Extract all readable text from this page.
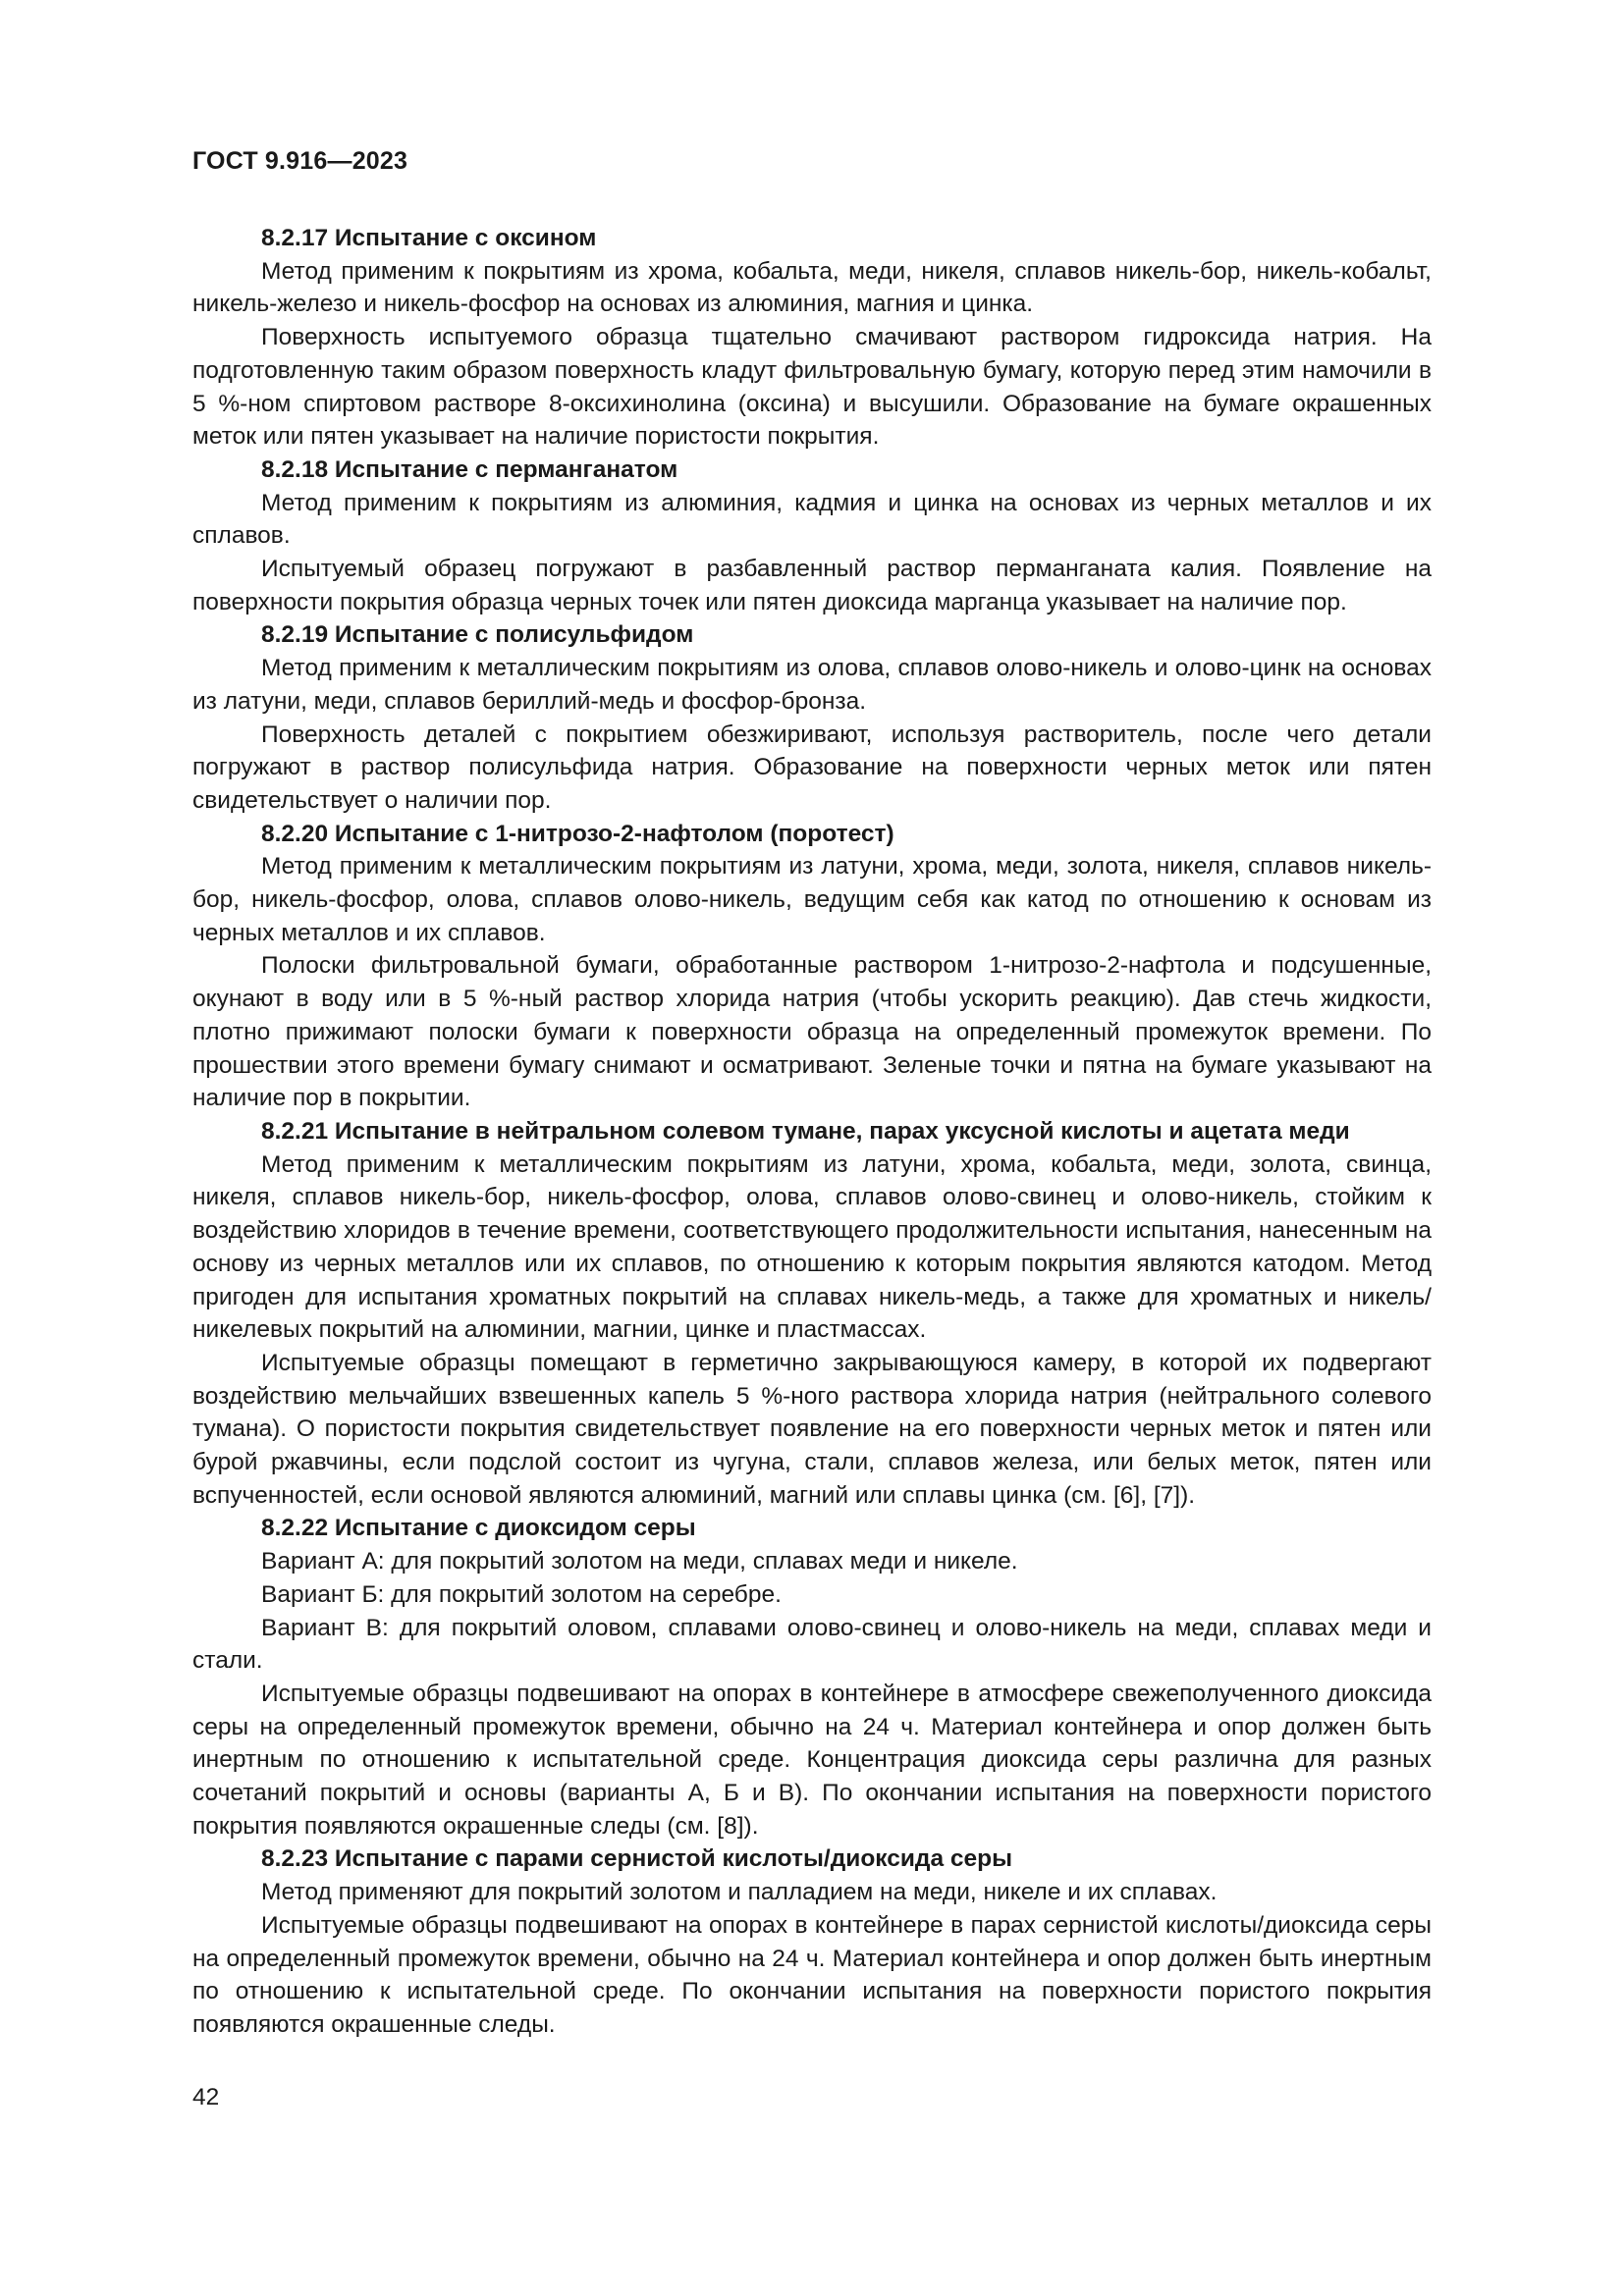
ГОСТ 9.916—2023

8.2.17 Испытание с оксином

Метод применим к покрытиям из хрома, кобальта, меди, никеля, сплавов никель-бор, никель-кобальт, никель-железо и никель-фосфор на основах из алюминия, магния и цинка.

Поверхность испытуемого образца тщательно смачивают раствором гидроксида натрия. На подготовленную таким образом поверхность кладут фильтровальную бумагу, которую перед этим намочили в 5 %-ном спиртовом растворе 8-оксихинолина (оксина) и высушили. Образование на бумаге окрашенных меток или пятен указывает на наличие пористости покрытия.

8.2.18 Испытание с перманганатом

Метод применим к покрытиям из алюминия, кадмия и цинка на основах из черных металлов и их сплавов.

Испытуемый образец погружают в разбавленный раствор перманганата калия. Появление на поверхности покрытия образца черных точек или пятен диоксида марганца указывает на наличие пор.

8.2.19 Испытание с полисульфидом

Метод применим к металлическим покрытиям из олова, сплавов олово-никель и олово-цинк на основах из латуни, меди, сплавов бериллий-медь и фосфор-бронза.

Поверхность деталей с покрытием обезжиривают, используя растворитель, после чего детали погружают в раствор полисульфида натрия. Образование на поверхности черных меток или пятен свидетельствует о наличии пор.

8.2.20 Испытание с 1-нитрозо-2-нафтолом (поротест)

Метод применим к металлическим покрытиям из латуни, хрома, меди, золота, никеля, сплавов никель-бор, никель-фосфор, олова, сплавов олово-никель, ведущим себя как катод по отношению к основам из черных металлов и их сплавов.

Полоски фильтровальной бумаги, обработанные раствором 1-нитрозо-2-нафтола и подсушенные, окунают в воду или в 5 %-ный раствор хлорида натрия (чтобы ускорить реакцию). Дав стечь жидкости, плотно прижимают полоски бумаги к поверхности образца на определенный промежуток времени. По прошествии этого времени бумагу снимают и осматривают. Зеленые точки и пятна на бумаге указывают на наличие пор в покрытии.

8.2.21 Испытание в нейтральном солевом тумане, парах уксусной кислоты и ацетата меди

Метод применим к металлическим покрытиям из латуни, хрома, кобальта, меди, золота, свинца, никеля, сплавов никель-бор, никель-фосфор, олова, сплавов олово-свинец и олово-никель, стойким к воздействию хлоридов в течение времени, соответствующего продолжительности испытания, нанесенным на основу из черных металлов или их сплавов, по отношению к которым покрытия являются катодом. Метод пригоден для испытания хроматных покрытий на сплавах никель-медь, а также для хроматных и никель/никелевых покрытий на алюминии, магнии, цинке и пластмассах.

Испытуемые образцы помещают в герметично закрывающуюся камеру, в которой их подвергают воздействию мельчайших взвешенных капель 5 %-ного раствора хлорида натрия (нейтрального солевого тумана). О пористости покрытия свидетельствует появление на его поверхности черных меток и пятен или бурой ржавчины, если подслой состоит из чугуна, стали, сплавов железа, или белых меток, пятен или вспученностей, если основой являются алюминий, магний или сплавы цинка (см. [6], [7]).

8.2.22 Испытание с диоксидом серы

Вариант А: для покрытий золотом на меди, сплавах меди и никеле.

Вариант Б: для покрытий золотом на серебре.

Вариант В: для покрытий оловом, сплавами олово-свинец и олово-никель на меди, сплавах меди и стали.

Испытуемые образцы подвешивают на опорах в контейнере в атмосфере свежеполученного диоксида серы на определенный промежуток времени, обычно на 24 ч. Материал контейнера и опор должен быть инертным по отношению к испытательной среде. Концентрация диоксида серы различна для разных сочетаний покрытий и основы (варианты А, Б и В). По окончании испытания на поверхности пористого покрытия появляются окрашенные следы (см. [8]).

8.2.23 Испытание с парами сернистой кислоты/диоксида серы

Метод применяют для покрытий золотом и палладием на меди, никеле и их сплавах.

Испытуемые образцы подвешивают на опорах в контейнере в парах сернистой кислоты/диоксида серы на определенный промежуток времени, обычно на 24 ч. Материал контейнера и опор должен быть инертным по отношению к испытательной среде. По окончании испытания на поверхности пористого покрытия появляются окрашенные следы.

42
